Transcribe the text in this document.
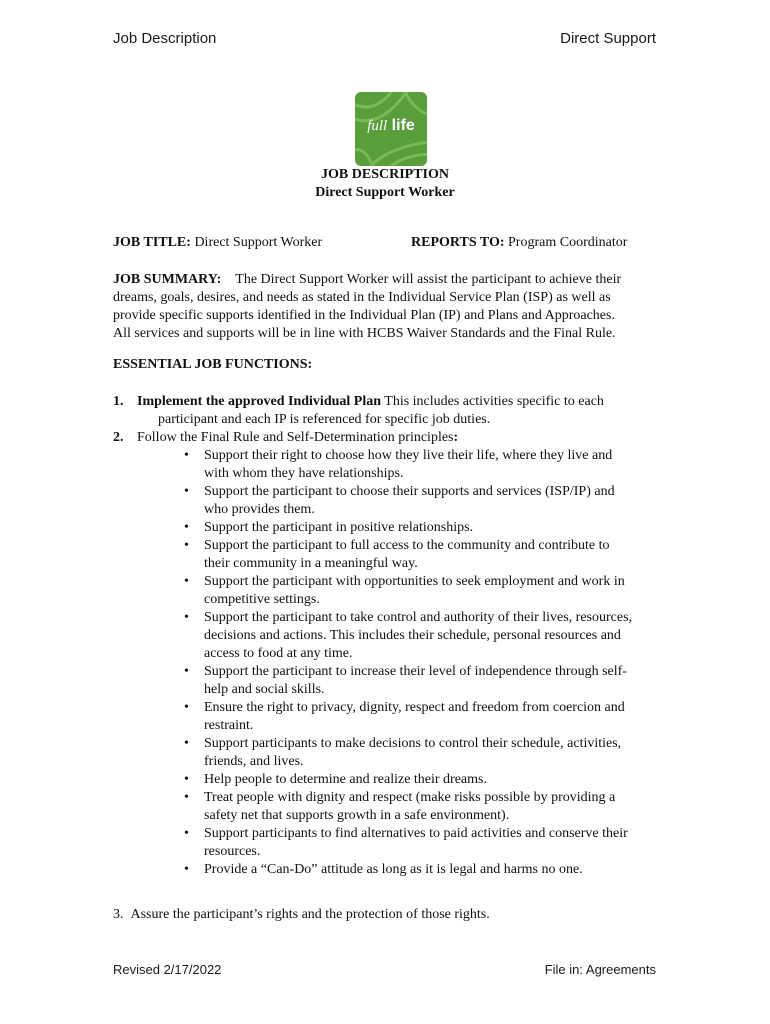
Job Description	Direct Support
full life
JOB DESCRIPTION
Direct Support Worker
JOB TITLE: Direct Support Worker	REPORTS TO: Program Coordinator
JOB SUMMARY: The Direct Support Worker will assist the participant to achieve their
dreams, goals, desires, and needs as stated in the Individual Service Plan (ISP) as well as
provide specific supports identified in the Individual Plan (IP) and Plans and Approaches.
All services and supports will be in line with HCBS Waiver Standards and the Final Rule.
ESSENTIAL JOB FUNCTIONS:
1. Implement the approved Individual Plan This includes activities specific to each
participant and each IP is referenced for specific job duties.
2. Follow the Final Rule and Self-Determination principles:
• Support their right to choose how they live their life, where they live and
with whom they have relationships.
• Support the participant to choose their supports and services (ISP/IP) and
who provides them.
• Support the participant in positive relationships.
• Support the participant to full access to the community and contribute to
their community in a meaningful way.
• Support the participant with opportunities to seek employment and work in
competitive settings.
• Support the participant to take control and authority of their lives, resources,
decisions and actions. This includes their schedule, personal resources and
access to food at any time.
• Support the participant to increase their level of independence through self-
help and social skills.
• Ensure the right to privacy, dignity, respect and freedom from coercion and
restraint.
• Support participants to make decisions to control their schedule, activities,
friends, and lives.
• Help people to determine and realize their dreams.
• Treat people with dignity and respect (make risks possible by providing a
safety net that supports growth in a safe environment).
• Support participants to find alternatives to paid activities and conserve their
resources.
• Provide a “Can-Do” attitude as long as it is legal and harms no one.
3. Assure the participant’s rights and the protection of those rights.
Revised 2/17/2022	File in: Agreements
